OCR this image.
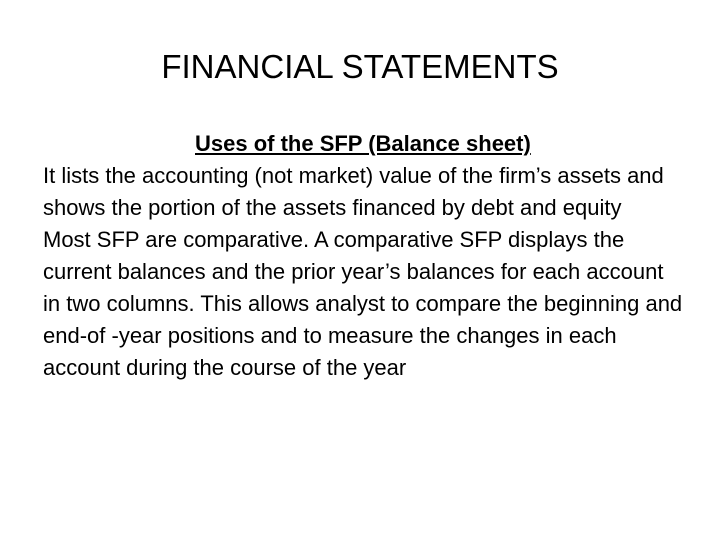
FINANCIAL STATEMENTS

Uses of the SFP (Balance sheet)

It lists the accounting (not market) value of the firm’s assets and shows the portion of the assets financed by debt and equity

Most SFP are comparative. A comparative SFP displays the current balances and the prior year’s balances for each account in two columns. This allows analyst to compare the beginning and end-of -year positions and to measure the changes in each account during the course of the year
